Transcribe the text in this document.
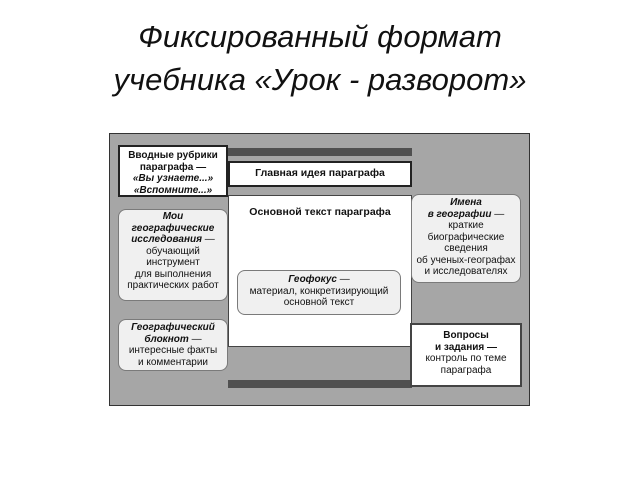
Фиксированный формат
учебника «Урок - разворот»
Основной текст параграфа
Главная идея параграфа
Вводные рубрики
параграфа —
«Вы узнаете...»
«Вспомните...»
Мои
географические
исследования —
обучающий
инструмент
для выполнения
практических работ
Географический
блокнот —
интересные факты
и комментарии
Геофокус —
материал, конкретизирующий
основной текст
Имена
в географии —
краткие
биографические
сведения
об ученых-географах
и исследователях
Вопросы
и задания —
контроль по теме
параграфа
